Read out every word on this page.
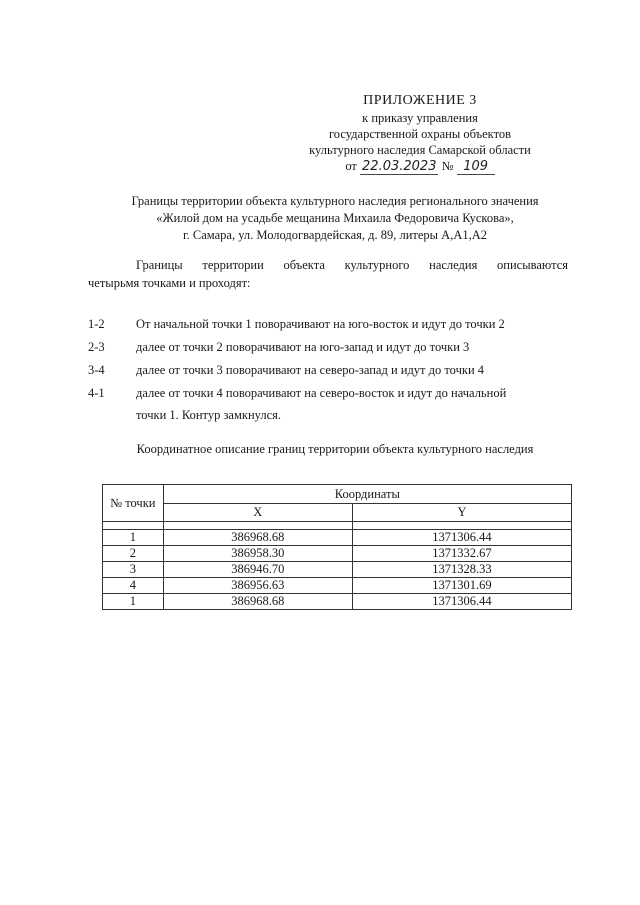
ПРИЛОЖЕНИЕ 3
к приказу управления
государственной охраны объектов
культурного наследия Самарской области
от 22.03.2023 № 109
Границы территории объекта культурного наследия регионального значения
«Жилой дом на усадьбе мещанина Михаила Федоровича Кускова»,
г. Самара, ул. Молодогвардейская, д. 89, литеры А,А1,А2

Границы территории объекта культурного наследия описываются

четырьмя точками и проходят:

1-2	От начальной точки 1 поворачивают на юго-восток и идут до точки 2
2-3	далее от точки 2 поворачивают на юго-запад и идут до точки 3
3-4	далее от точки 3 поворачивают на северо-запад и идут до точки 4
4-1	далее от точки 4 поворачивают на северо-восток и идут до начальной
точки 1. Контур замкнулся.
Координатное описание границ территории объекта культурного наследия
№ точки	Координаты	
	X	Y

1	386968.68	1371306.44
2	386958.30	1371332.67
3	386946.70	1371328.33
4	386956.63	1371301.69
1	386968.68	1371306.44
